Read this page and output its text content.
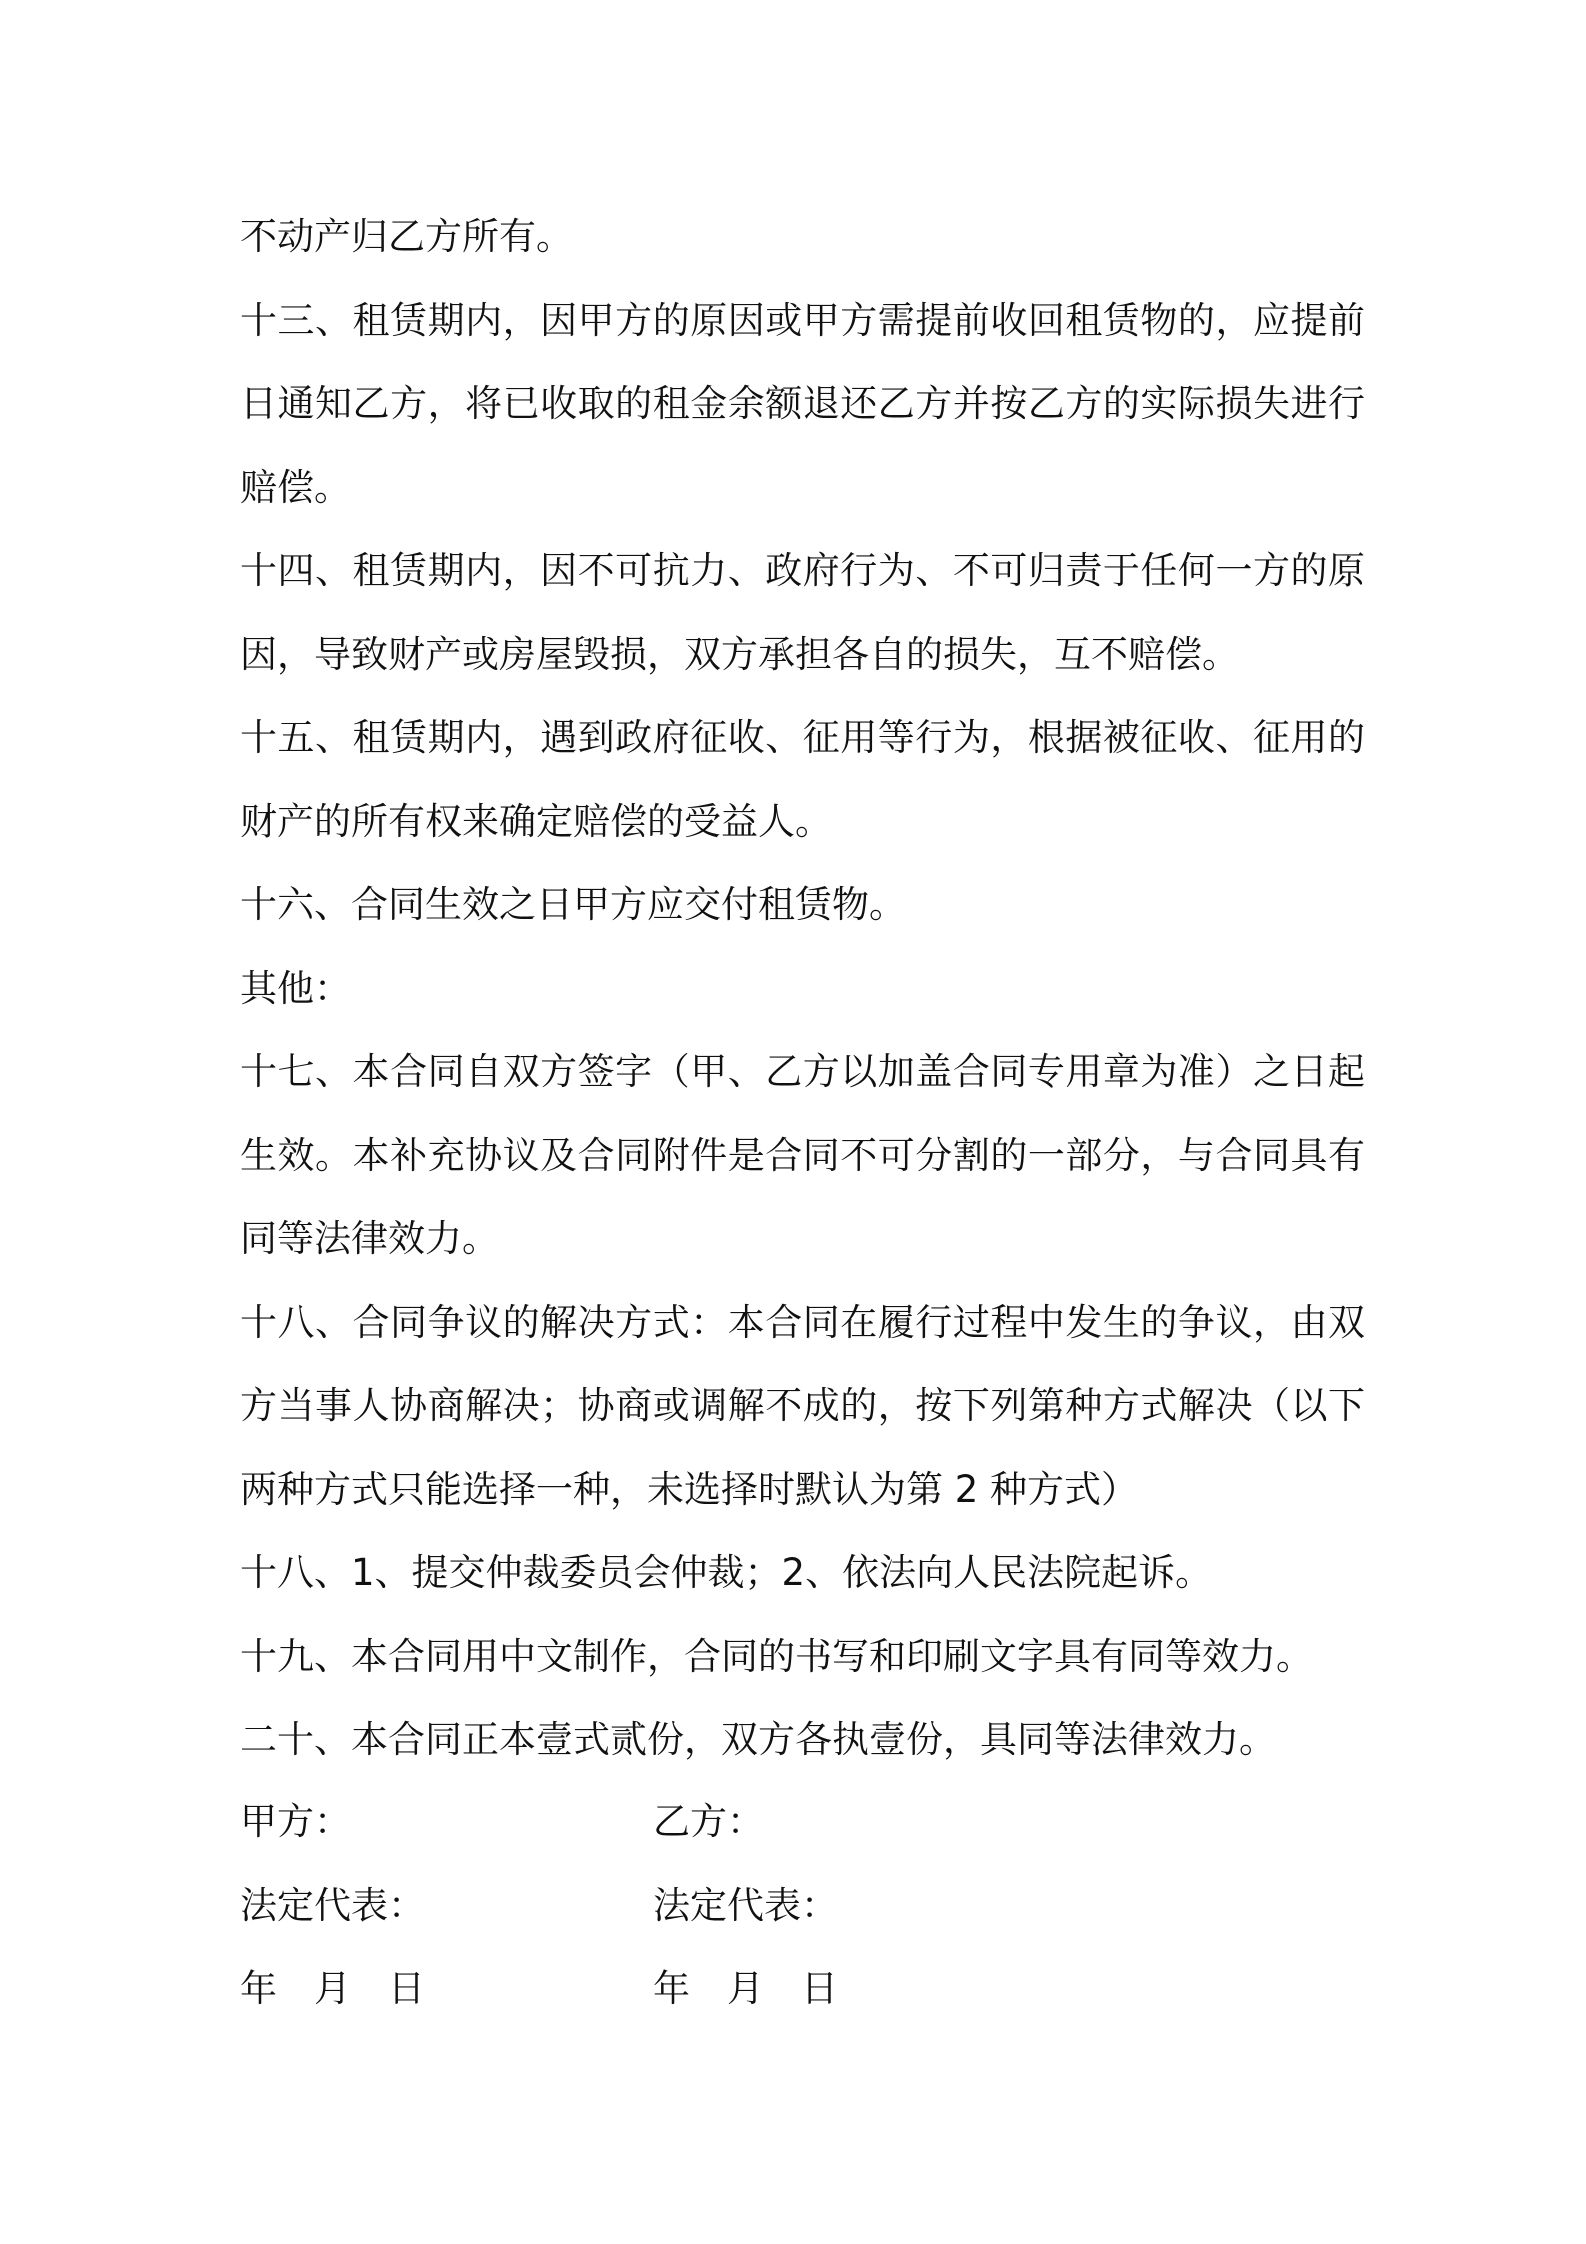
不动产归乙方所有。

十三、租赁期内，因甲方的原因或甲方需提前收回租赁物的，应提前日通知乙方，将已收取的租金余额退还乙方并按乙方的实际损失进行赔偿。

十四、租赁期内，因不可抗力、政府行为、不可归责于任何一方的原因，导致财产或房屋毁损，双方承担各自的损失，互不赔偿。

十五、租赁期内，遇到政府征收、征用等行为，根据被征收、征用的财产的所有权来确定赔偿的受益人。

十六、合同生效之日甲方应交付租赁物。

其他：

十七、本合同自双方签字（甲、乙方以加盖合同专用章为准）之日起生效。本补充协议及合同附件是合同不可分割的一部分，与合同具有同等法律效力。

十八、合同争议的解决方式：本合同在履行过程中发生的争议，由双方当事人协商解决；协商或调解不成的，按下列第种方式解决（以下两种方式只能选择一种，未选择时默认为第 2 种方式）

十八、1、提交仲裁委员会仲裁；2、依法向人民法院起诉。

十九、本合同用中文制作，合同的书写和印刷文字具有同等效力。

二十、本合同正本壹式贰份，双方各执壹份，具同等法律效力。

甲方：	乙方：
法定代表：	法定代表：
年　月　日	年　月　日
